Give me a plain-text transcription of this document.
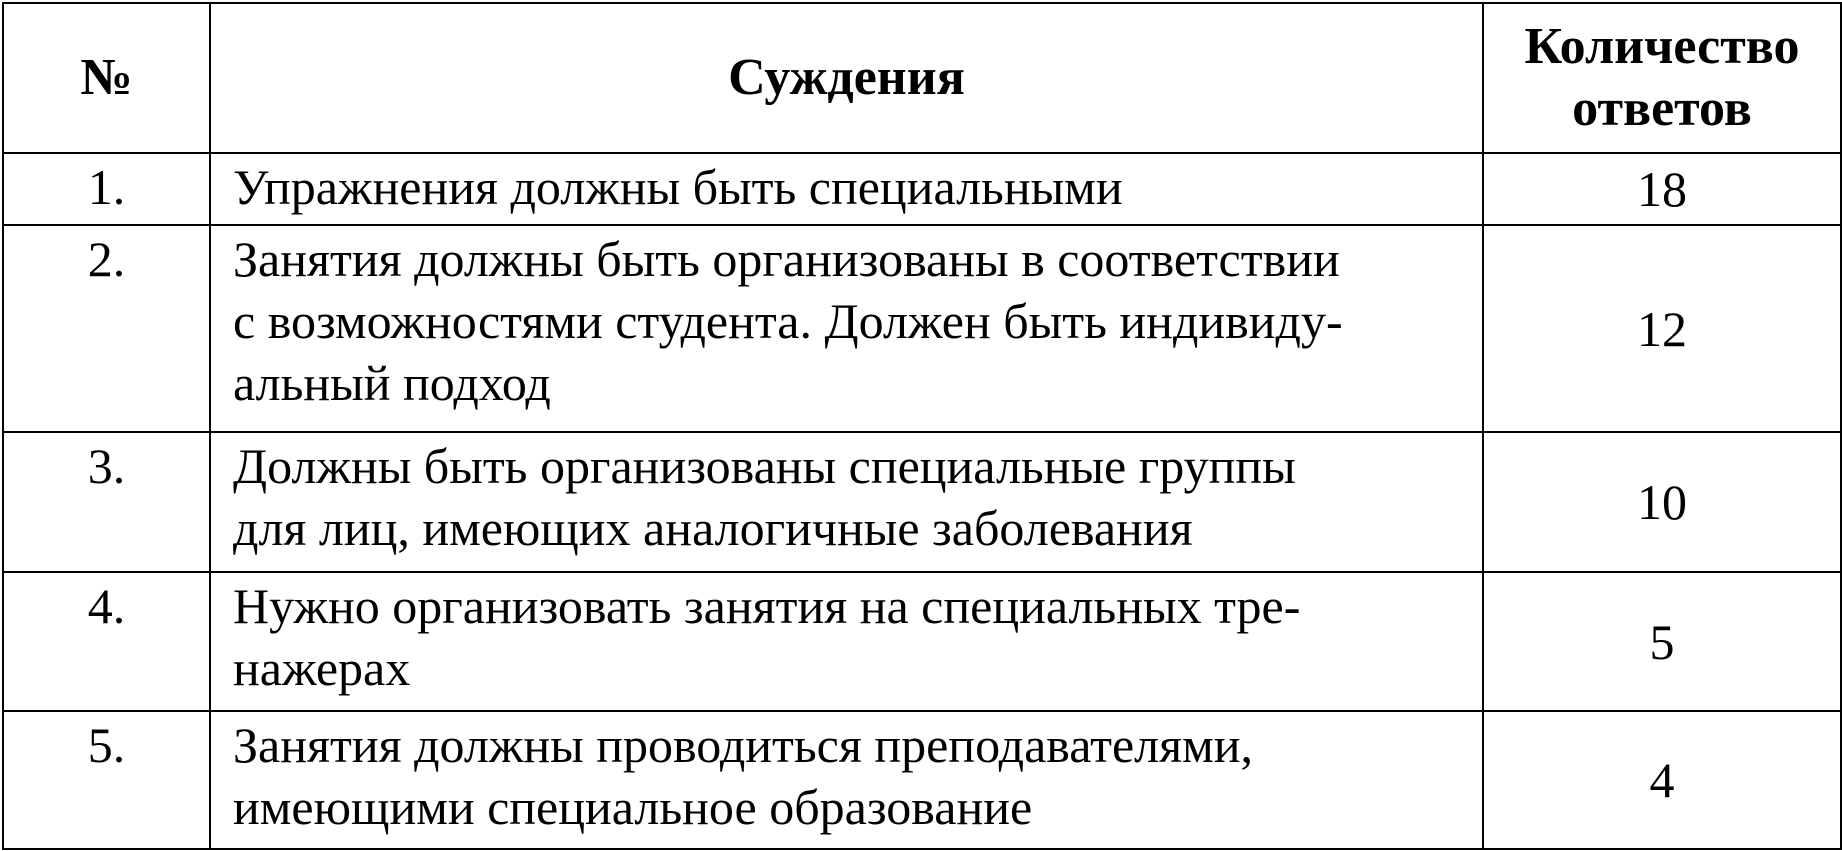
№	Суждения	Количество
ответов

1.	Упражнения должны быть специальными	18
2.	Занятия должны быть организованы в соответствии
с возможностями студента. Должен быть индивиду-
альный подход	12
3.	Должны быть организованы специальные группы
для лиц, имеющих аналогичные заболевания	10
4.	Нужно организовать занятия на специальных тре-
нажерах	5
5.	Занятия должны проводиться преподавателями,
имеющими специальное образование	4
